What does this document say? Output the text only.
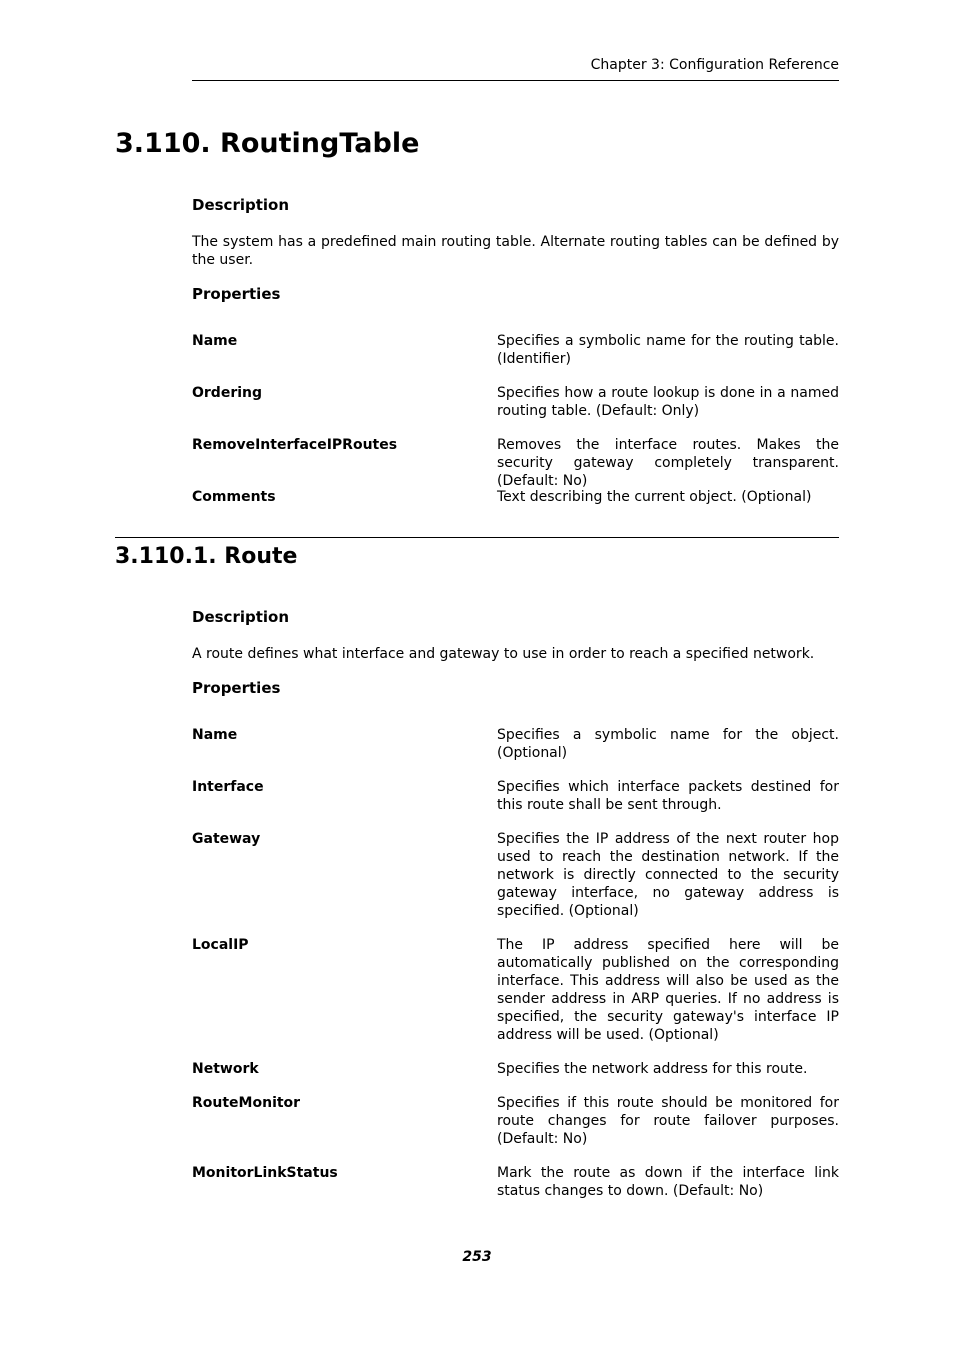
Chapter 3: Configuration Reference
3.110. RoutingTable
Description
The system has a predefined main routing table. Alternate routing tables can be defined by the user.
Properties
Name	Specifies a symbolic name for the routing table. (Identifier)
Ordering	Specifies how a route lookup is done in a named routing table. (Default: Only)
RemoveInterfaceIPRoutes	Removes the interface routes. Makes the security gateway completely transparent. (Default: No)
Comments	Text describing the current object. (Optional)
3.110.1. Route
Description
A route defines what interface and gateway to use in order to reach a specified network.
Properties
Name	Specifies a symbolic name for the object. (Optional)
Interface	Specifies which interface packets destined for this route shall be sent through.
Gateway	Specifies the IP address of the next router hop used to reach the destination network. If the network is directly connected to the security gateway interface, no gateway address is specified. (Optional)
LocalIP	The IP address specified here will be automatically published on the corresponding interface. This address will also be used as the sender address in ARP queries. If no address is specified, the security gateway's interface IP address will be used. (Optional)
Network	Specifies the network address for this route.
RouteMonitor	Specifies if this route should be monitored for route changes for route failover purposes. (Default: No)
MonitorLinkStatus	Mark the route as down if the interface link status changes to down. (Default: No)
253
